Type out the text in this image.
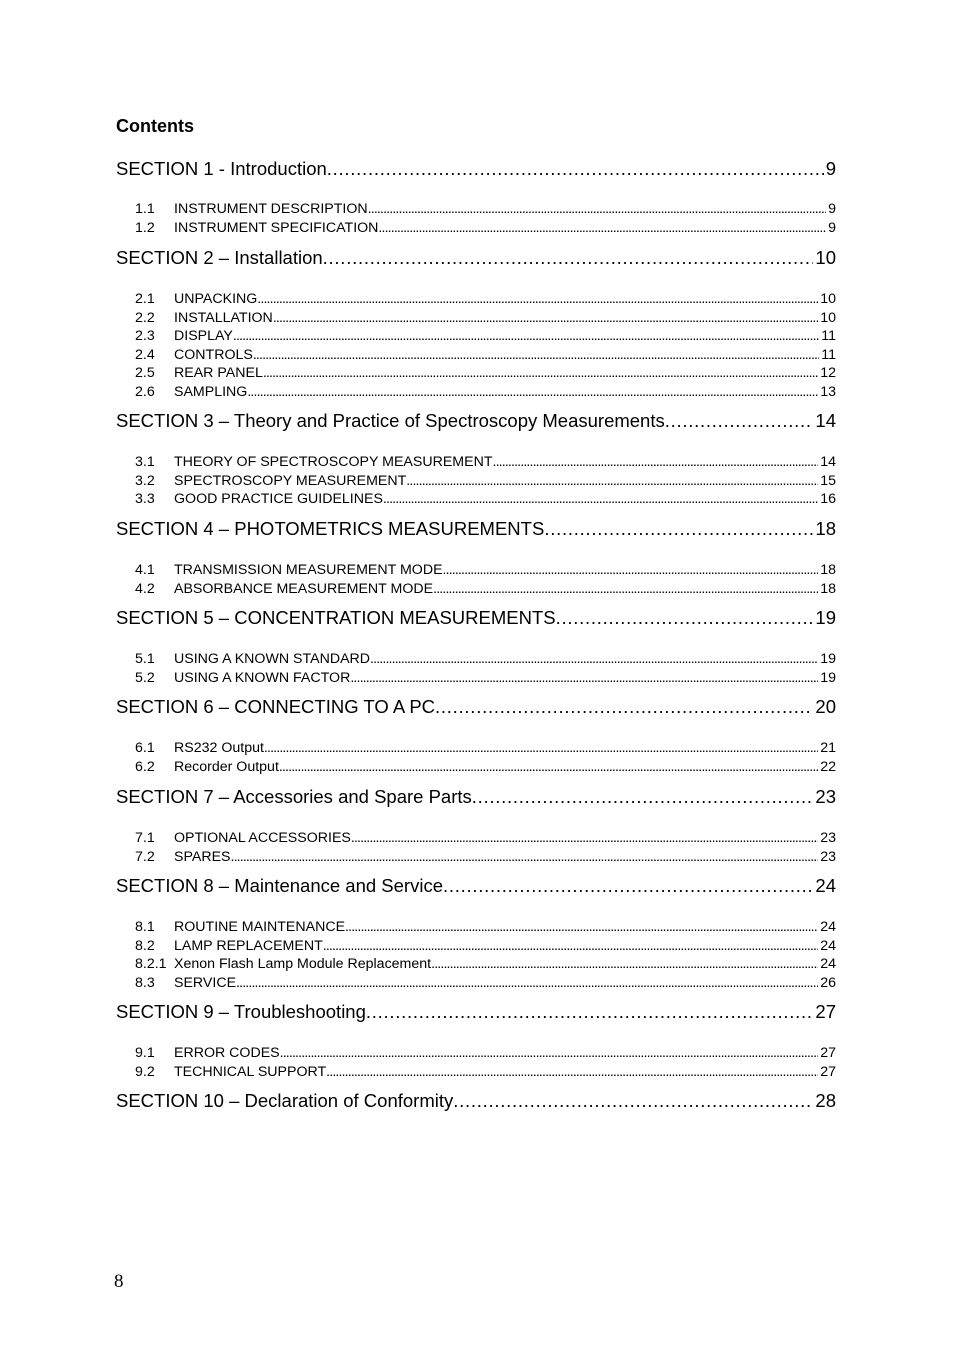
Contents
SECTION 1 - Introduction . . .	9
1.1	INSTRUMENT DESCRIPTION . . .	9
1.2	INSTRUMENT SPECIFICATION . . .	9
SECTION 2 – Installation . . .	10
2.1	UNPACKING . . .	10
2.2	INSTALLATION . . .	10
2.3	DISPLAY . . .	11
2.4	CONTROLS . . .	11
2.5	REAR PANEL . . .	12
2.6	SAMPLING . . .	13
SECTION 3 – Theory and Practice of Spectroscopy Measurements . . .	14
3.1	THEORY OF SPECTROSCOPY MEASUREMENT . . .	14
3.2	SPECTROSCOPY MEASUREMENT . . .	15
3.3	GOOD PRACTICE GUIDELINES . . .	16
SECTION 4 – PHOTOMETRICS MEASUREMENTS . . .	18
4.1	TRANSMISSION MEASUREMENT MODE . . .	18
4.2	ABSORBANCE MEASUREMENT MODE . . .	18
SECTION 5 – CONCENTRATION MEASUREMENTS . . .	19
5.1	USING A KNOWN STANDARD . . .	19
5.2	USING A KNOWN FACTOR . . .	19
SECTION 6 – CONNECTING TO A PC . . .	20
6.1	RS232 Output . . .	21
6.2	Recorder Output . . .	22
SECTION 7 – Accessories and Spare Parts . . .	23
7.1	OPTIONAL ACCESSORIES . . .	23
7.2	SPARES . . .	23
SECTION 8 – Maintenance and Service . . .	24
8.1	ROUTINE MAINTENANCE . . .	24
8.2	LAMP REPLACEMENT . . .	24
8.2.1 Xenon Flash Lamp Module Replacement . . .	24
8.3	SERVICE . . .	26
SECTION 9 – Troubleshooting . . .	27
9.1	ERROR CODES . . .	27
9.2	TECHNICAL SUPPORT . . .	27
SECTION 10 – Declaration of Conformity . . .	28
8
